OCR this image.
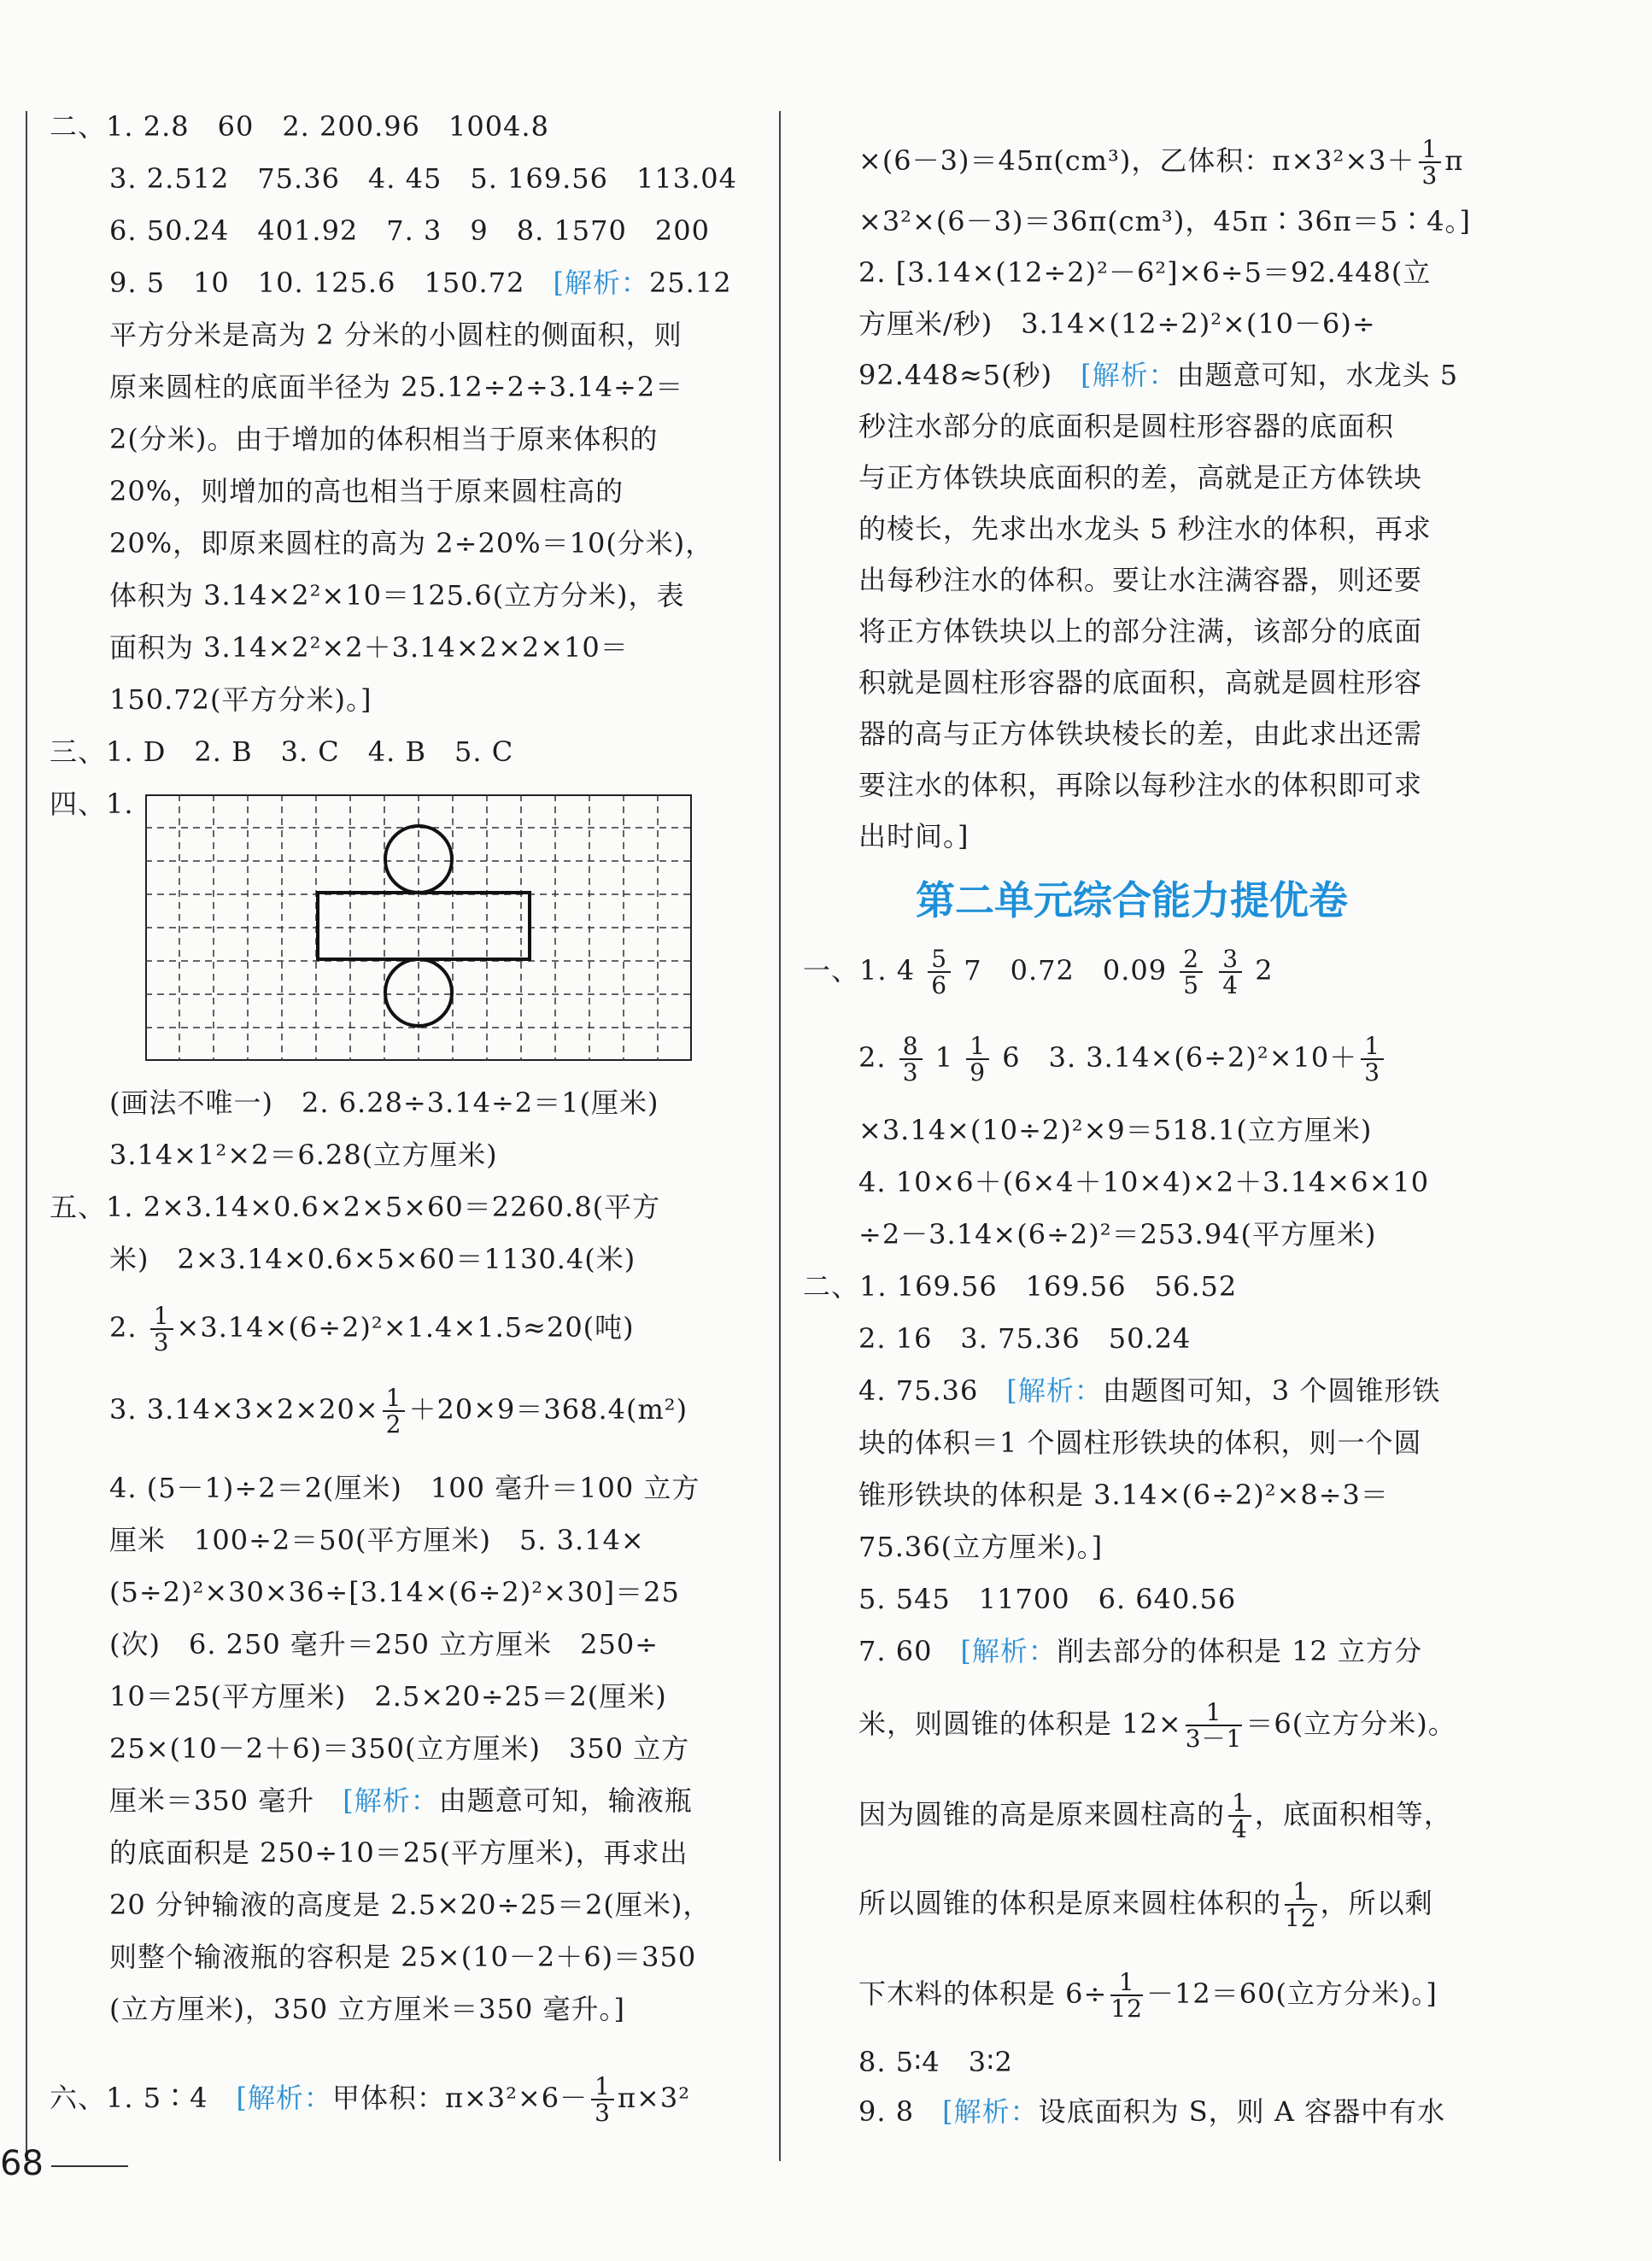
二、1. 2.8　60　2. 200.96　1004.8
3. 2.512　75.36　4. 45　5. 169.56　113.04
6. 50.24　401.92　7. 3　9　8. 1570　200
9. 5　10　10. 125.6　150.72　[解析：25.12
平方分米是高为 2 分米的小圆柱的侧面积，则
原来圆柱的底面半径为 25.12÷2÷3.14÷2＝
2(分米)。由于增加的体积相当于原来体积的
20%，则增加的高也相当于原来圆柱高的
20%，即原来圆柱的高为 2÷20%＝10(分米)，
体积为 3.14×2²×10＝125.6(立方分米)，表
面积为 3.14×2²×2＋3.14×2×2×10＝
150.72(平方分米)。]
三、1. D　2. B　3. C　4. B　5. C
四、1.
(画法不唯一)　2. 6.28÷3.14÷2＝1(厘米)
3.14×1²×2＝6.28(立方厘米)
五、1. 2×3.14×0.6×2×5×60＝2260.8(平方
米)　2×3.14×0.6×5×60＝1130.4(米)
2. $\frac{1}{3} \times 3.14\times(6\div 2)^2\times 1.4\times 1.5\approx 20$(吨)
3. $3.14\times 3\times 2\times 20\times \frac{1}{2} +20\times 9=368.4(m^2)$
4. (5－1)÷2＝2(厘米)　100 毫升＝100 立方
厘米　100÷2＝50(平方厘米)　5. 3.14×
(5÷2)²×30×36÷[3.14×(6÷2)²×30]＝25
(次)　6. 250 毫升＝250 立方厘米　250÷
10＝25(平方厘米)　2.5×20÷25＝2(厘米)
25×(10－2＋6)＝350(立方厘米)　350 立方
厘米＝350 毫升　[解析：由题意可知，输液瓶
的底面积是 250÷10＝25(平方厘米)，再求出
20 分钟输液的高度是 2.5×20÷25＝2(厘米)，
则整个输液瓶的容积是 25×(10－2＋6)＝350
(立方厘米)，350 立方厘米＝350 毫升。]
六、1. 5∶4　[解析：甲体积：$\pi\times 3^2\times 6- \frac{1}{3} \pi\times 3^2$
×(6－3)＝45π(cm³)，乙体积：$\pi\times 3^2\times 3+ \frac{1}{3}$ π
×3²×(6－3)＝36π(cm³)，45π∶36π＝5∶4。]
2. [3.14×(12÷2)²－6²]×6÷5＝92.448(立
方厘米/秒)　3.14×(12÷2)²×(10－6)÷
92.448≈5(秒)　[解析：由题意可知，水龙头 5
秒注水部分的底面积是圆柱形容器的底面积
与正方体铁块底面积的差，高就是正方体铁块
的棱长，先求出水龙头 5 秒注水的体积，再求
出每秒注水的体积。要让水注满容器，则还要
将正方体铁块以上的部分注满，该部分的底面
积就是圆柱形容器的底面积，高就是圆柱形容
器的高与正方体铁块棱长的差，由此求出还需
要注水的体积，再除以每秒注水的体积即可求
出时间。]
第二单元综合能力提优卷
一、1. $4 \frac{5}{6} 7$　0.72　$0.09 \frac{2}{5}$
$\frac{3}{4} 2$
2. $\frac{8}{3} 1 \frac{1}{9} 6$　3. $3.14\times(6\div 2)^2\times 10+ \frac{1}{3}$
×3.14×(10÷2)²×9＝518.1(立方厘米)
4. 10×6＋(6×4＋10×4)×2＋3.14×6×10
÷2－3.14×(6÷2)²＝253.94(平方厘米)
二、1. 169.56　169.56　56.52
2. 16　3. 75.36　50.24
4. 75.36　[解析：由题图可知，3 个圆锥形铁
块的体积＝1 个圆柱形铁块的体积，则一个圆
锥形铁块的体积是 3.14×(6÷2)²×8÷3＝
75.36(立方厘米)。]
5. 545　11700　6. 640.56
7. 60　[解析：削去部分的体积是 12 立方分
米，则圆锥的体积是 $12\times \frac{1}{3-1} =6$(立方分米)。
因为圆锥的高是原来圆柱高的 $\frac{1}{4}$ ，底面积相等，
所以圆锥的体积是原来圆柱体积的 $\frac{1}{12}$ ，所以剩
下木料的体积是 $6\div \frac{1}{12} -12=60$(立方分米)。]
8. 5∶4　3∶2
9. 8　[解析：设底面积为 S，则 A 容器中有水
68
